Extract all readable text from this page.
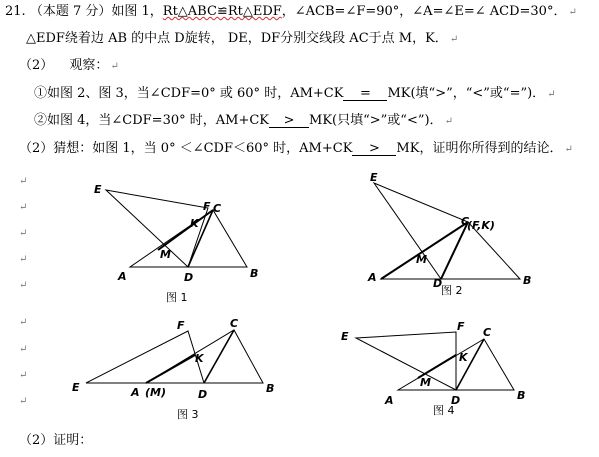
21. （本题 7 分）如图 1，Rt△ABC≌Rt△EDF，∠ACB=∠F=90°，∠A=∠E=∠ ACD=30°． ↵
△EDF绕着边 AB 的中点 D旋转， DE，DF分别交线段 AC于点 M，K． ↵
（2） 观察： ↵
①如图 2、图 3，当∠CDF=0° 或 60° 时，AM+CK = MK(填“>”，“<”或“=”)． ↵
②如图 4，当∠CDF=30° 时，AM+CK > MK(只填“>”或“<”)． ↵
（2）猜想：如图 1，当 0° ＜∠CDF＜60° 时，AM+CK > MK，证明你所得到的结论． ↵
（2）证明：
↵
↵
↵
↵
↵
↵
↵
↵
↵
E
F C
K
M
A	D	B
图 1
E
C
(F,K)
M
A	D	B
图 2
F	C
K
E	A (M)	D	B
图 3
E
F C
K
M
A	D	B
图 4
